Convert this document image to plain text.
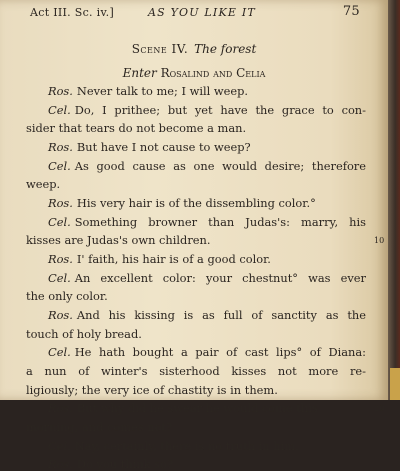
Act III. Sc. iv.]	AS YOU LIKE IT	75
Scene IV. The forest
Enter Rosalind and Celia
Ros. Never talk to me; I will weep.
Cel. Do, I prithee; but yet have the grace to con-
sider that tears do not become a man.
Ros. But have I not cause to weep?
Cel. As good cause as one would desire; therefore
weep.
Ros. His very hair is of the dissembling color.°
Cel. Something browner than Judas's: marry, his
kisses are Judas's own children.
Ros. I' faith, his hair is of a good color.
Cel. An excellent color: your chestnut° was ever
the only color.
Ros. And his kissing is as full of sanctity as the
touch of holy bread.
Cel. He hath bought a pair of cast lips° of Diana:
a nun of winter's sisterhood kisses not more re-
ligiously; the very ice of chastity is in them.
Ros. But why did he swear he would come this
morning, and comes not?
Cel. Nay, certainly, there is no truth in him.
Ros. Do you think so?
10
20
